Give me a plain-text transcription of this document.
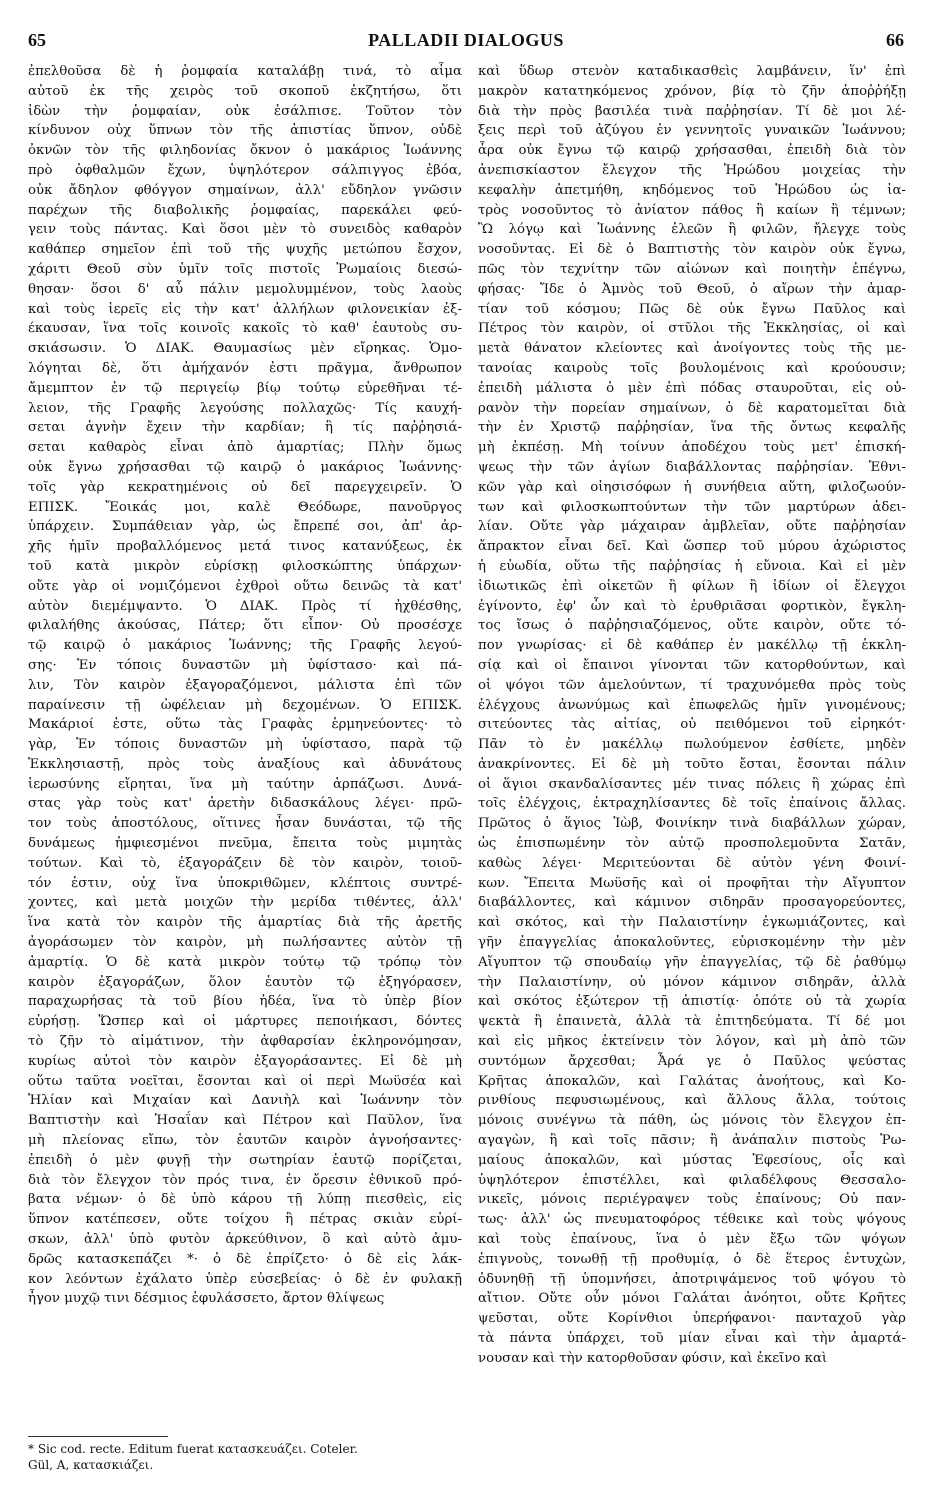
PALLADII DIALOGUS
65	66
ἐπελθοῦσα δὲ ἡ ῥομφαία καταλάβῃ τινά, τὸ αἷμα
αὐτοῦ ἐκ τῆς χειρὸς τοῦ σκοποῦ ἐκζητήσω, ὅτι
ἰδὼν τὴν ῥομφαίαν, οὐκ ἐσάλπισε. Τοῦτον τὸν
κίνδυνον οὐχ ὕπνων τὸν τῆς ἀπιστίας ὕπνον, οὐδὲ
ὀκνῶν τὸν τῆς φιληδονίας ὄκνον ὁ μακάριος Ἰωάννης
πρὸ ὀφθαλμῶν ἔχων, ὑψηλότερον σάλπιγγος ἐβόα,
οὐκ ἄδηλον φθόγγον σημαίνων, ἀλλ' εὔδηλον γνῶσιν
παρέχων τῆς διαβολικῆς ῥομφαίας, παρεκάλει φεύ-
γειν τοὺς πάντας. Καὶ ὅσοι μὲν τὸ συνειδὸς καθαρὸν
καθάπερ σημεῖον ἐπὶ τοῦ τῆς ψυχῆς μετώπου ἔσχον,
χάριτι Θεοῦ σὺν ὑμῖν τοῖς πιστοῖς Ῥωμαίοις διεσώ-
θησαν· ὅσοι δ' αὖ πάλιν μεμολυμμένον, τοὺς λαοὺς
καὶ τοὺς ἱερεῖς εἰς τὴν κατ' ἀλλήλων φιλονεικίαν ἐξ-
έκαυσαν, ἵνα τοῖς κοινοῖς κακοῖς τὸ καθ' ἑαυτοὺς συ-
σκιάσωσιν. Ὁ ΔΙΑΚ. Θαυμασίως μὲν εἴρηκας. Ὁμο-
λόγηται δὲ, ὅτι ἀμήχανόν ἐστι πρᾶγμα, ἄνθρωπον
ἄμεμπτον ἐν τῷ περιγείῳ βίῳ τούτῳ εὑρεθῆναι τέ-
λειον, τῆς Γραφῆς λεγούσης πολλαχῶς· Τίς καυχή-
σεται ἁγνὴν ἔχειν τὴν καρδίαν; ἢ τίς παῤῥησιά-
σεται καθαρὸς εἶναι ἀπὸ ἁμαρτίας; Πλὴν ὅμως
οὐκ ἔγνω χρήσασθαι τῷ καιρῷ ὁ μακάριος Ἰωάννης·
τοῖς γὰρ κεκρατημένοις οὐ δεῖ παρεγχειρεῖν. Ὁ
ΕΠΙΣΚ. Ἔοικάς μοι, καλὲ Θεόδωρε, πανοῦργος
ὑπάρχειν. Συμπάθειαν γὰρ, ὡς ἔπρεπέ σοι, ἀπ' ἀρ-
χῆς ἡμῖν προβαλλόμενος μετά τινος κατανύξεως, ἐκ
τοῦ κατὰ μικρὸν εὑρίσκῃ φιλοσκώπτης ὑπάρχων·
οὔτε γὰρ οἱ νομιζόμενοι ἐχθροὶ οὕτω δεινῶς τὰ κατ'
αὐτὸν διεμέμψαντο. Ὁ ΔΙΑΚ. Πρὸς τί ἠχθέσθης,
φιλαλήθης ἀκούσας, Πάτερ; ὅτι εἶπον· Οὐ προσέσχε
τῷ καιρῷ ὁ μακάριος Ἰωάννης; τῆς Γραφῆς λεγού-
σης· Ἐν τόποις δυναστῶν μὴ ὑφίστασο· καὶ πά-
λιν, Τὸν καιρὸν ἐξαγοραζόμενοι, μάλιστα ἐπὶ τῶν
παραίνεσιν τῇ ὠφέλειαν μὴ δεχομένων. Ὁ ΕΠΙΣΚ.
Μακάριοί ἐστε, οὕτω τὰς Γραφὰς ἑρμηνεύοντες· τὸ
γὰρ, Ἐν τόποις δυναστῶν μὴ ὑφίστασο, παρὰ τῷ
Ἐκκλησιαστῇ, πρὸς τοὺς ἀναξίους καὶ ἀδυνάτους
ἱερωσύνης εἴρηται, ἵνα μὴ ταύτην ἁρπάζωσι. Δυνά-
στας γὰρ τοὺς κατ' ἀρετὴν διδασκάλους λέγει· πρῶ-
τον τοὺς ἀποστόλους, οἵτινες ἦσαν δυνάσται, τῷ τῆς
δυνάμεως ἠμφιεσμένοι πνεῦμα, ἔπειτα τοὺς μιμητὰς
τούτων. Καὶ τὸ, ἐξαγοράζειν δὲ τὸν καιρὸν, τοιοῦ-
τόν ἐστιν, οὐχ ἵνα ὑποκριθῶμεν, κλέπτοις συντρέ-
χοντες, καὶ μετὰ μοιχῶν τὴν μερίδα τιθέντες, ἀλλ'
ἵνα κατὰ τὸν καιρὸν τῆς ἁμαρτίας διὰ τῆς ἀρετῆς
ἀγοράσωμεν τὸν καιρὸν, μὴ πωλήσαντες αὐτὸν τῇ
ἁμαρτίᾳ. Ὁ δὲ κατὰ μικρὸν τούτῳ τῷ τρόπῳ τὸν
καιρὸν ἐξαγοράζων, ὅλον ἑαυτὸν τῷ ἐξηγόρασεν,
παραχωρήσας τὰ τοῦ βίου ἡδέα, ἵνα τὸ ὑπὲρ βίον
εὑρήσῃ. Ὥσπερ καὶ οἱ μάρτυρες πεποιήκασι, δόντες
τὸ ζῆν τὸ αἱμάτινον, τὴν ἀφθαρσίαν ἐκληρονόμησαν,
κυρίως αὐτοὶ τὸν καιρὸν ἐξαγοράσαντες. Εἰ δὲ μὴ
οὕτω ταῦτα νοεῖται, ἔσονται καὶ οἱ περὶ Μωϋσέα καὶ
Ἠλίαν καὶ Μιχαίαν καὶ Δανιὴλ καὶ Ἰωάννην τὸν
Βαπτιστὴν καὶ Ἡσαΐαν καὶ Πέτρον καὶ Παῦλον, ἵνα
μὴ πλείονας εἴπω, τὸν ἑαυτῶν καιρὸν ἀγνοήσαντες·
ἐπειδὴ ὁ μὲν φυγῇ τὴν σωτηρίαν ἑαυτῷ πορίζεται,
διὰ τὸν ἔλεγχον τὸν πρός τινα, ἐν ὄρεσιν ἐθνικοῦ πρό-
βατα νέμων· ὁ δὲ ὑπὸ κάρου τῇ λύπῃ πιεσθεὶς, εἰς
ὕπνον κατέπεσεν, οὔτε τοίχου ἢ πέτρας σκιὰν εὑρί-
σκων, ἀλλ' ὑπὸ φυτὸν ἀρκεύθινον, ὃ καὶ αὐτὸ ἀμυ-
δρῶς κατασκεπάζει *· ὁ δὲ ἐπρίζετο· ὁ δὲ εἰς λάκ-
κον λεόντων ἐχάλατο ὑπὲρ εὐσεβείας· ὁ δὲ ἐν φυλακῇ
ἦγον μυχῷ τινι δέσμιος ἐφυλάσσετο, ἄρτον θλίψεως
καὶ ὕδωρ στενὸν καταδικασθεὶς λαμβάνειν, ἵν' ἐπὶ
μακρὸν κατατηκόμενος χρόνον, βίᾳ τὸ ζῆν ἀποῤῥήξῃ
διὰ τὴν πρὸς βασιλέα τινὰ παῤῥησίαν. Τί δὲ μοι λέ-
ξεις περὶ τοῦ ἀζύγου ἐν γεννητοῖς γυναικῶν Ἰωάννου;
ἆρα οὐκ ἔγνω τῷ καιρῷ χρήσασθαι, ἐπειδὴ διὰ τὸν
ἀνεπισκίαστον ἔλεγχον τῆς Ἡρώδου μοιχείας τὴν
κεφαλὴν ἀπετμήθη, κηδόμενος τοῦ Ἡρώδου ὡς ἰα-
τρὸς νοσοῦντος τὸ ἀνίατον πάθος ἢ καίων ἢ τέμνων;
Ὢ λόγῳ καὶ Ἰωάννης ἐλεῶν ἢ φιλῶν, ἤλεγχε τοὺς
νοσοῦντας. Εἰ δὲ ὁ Βαπτιστὴς τὸν καιρὸν οὐκ ἔγνω,
πῶς τὸν τεχνίτην τῶν αἰώνων καὶ ποιητὴν ἐπέγνω,
φήσας· Ἴδε ὁ Ἀμνὸς τοῦ Θεοῦ, ὁ αἴρων τὴν ἁμαρ-
τίαν τοῦ κόσμου; Πῶς δὲ οὐκ ἔγνω Παῦλος καὶ
Πέτρος τὸν καιρὸν, οἱ στῦλοι τῆς Ἐκκλησίας, οἱ καὶ
μετὰ θάνατον κλείοντες καὶ ἀνοίγοντες τοὺς τῆς με-
τανοίας καιροὺς τοῖς βουλομένοις καὶ κρούουσιν;
ἐπειδὴ μάλιστα ὁ μὲν ἐπὶ πόδας σταυροῦται, εἰς οὐ-
ρανὸν τὴν πορείαν σημαίνων, ὁ δὲ καρατομεῖται διὰ
τὴν ἐν Χριστῷ παῤῥησίαν, ἵνα τῆς ὄντως κεφαλῆς
μὴ ἐκπέσῃ. Μὴ τοίνυν ἀποδέχου τοὺς μετ' ἐπισκή-
ψεως τὴν τῶν ἁγίων διαβάλλοντας παῤῥησίαν. Ἐθνι-
κῶν γὰρ καὶ οἰησισόφων ἡ συνήθεια αὕτη, φιλοζωούν-
των καὶ φιλοσκωπτούντων τὴν τῶν μαρτύρων ἀδει-
λίαν. Οὔτε γὰρ μάχαιραν ἀμβλεῖαν, οὔτε παῤῥησίαν
ἄπρακτον εἶναι δεῖ. Καὶ ὥσπερ τοῦ μύρου ἀχώριστος
ἡ εὐωδία, οὕτω τῆς παῤῥησίας ἡ εὔνοια. Καὶ εἰ μὲν
ἰδιωτικῶς ἐπὶ οἰκετῶν ἢ φίλων ἢ ἰδίων οἱ ἔλεγχοι
ἐγίνοντο, ἐφ' ὧν καὶ τὸ ἐρυθριᾶσαι φορτικὸν, ἔγκλη-
τος ἴσως ὁ παῤῥησιαζόμενος, οὔτε καιρὸν, οὔτε τό-
πον γνωρίσας· εἰ δὲ καθάπερ ἐν μακέλλῳ τῇ ἐκκλη-
σίᾳ καὶ οἱ ἔπαινοι γίνονται τῶν κατορθούντων, καὶ
οἱ ψόγοι τῶν ἀμελούντων, τί τραχυνόμεθα πρὸς τοὺς
ἐλέγχους ἀνωνύμως καὶ ἐπωφελῶς ἡμῖν γινομένους;
σιτεύοντες τὰς αἰτίας, οὐ πειθόμενοι τοῦ εἰρηκότ·
Πᾶν τὸ ἐν μακέλλῳ πωλούμενον ἐσθίετε, μηδὲν
ἀνακρίνοντες. Εἰ δὲ μὴ τοῦτο ἔσται, ἔσονται πάλιν
οἱ ἅγιοι σκανδαλίσαντες μέν τινας πόλεις ἢ χώρας ἐπὶ
τοῖς ἐλέγχοις, ἐκτραχηλίσαντες δὲ τοῖς ἐπαίνοις ἄλλας.
Πρῶτος ὁ ἅγιος Ἰὼβ, Φοινίκην τινὰ διαβάλλων χώραν,
ὡς ἐπισπωμένην τὸν αὐτῷ προσπολεμοῦντα Σατᾶν,
καθὼς λέγει· Μεριτεύονται δὲ αὐτὸν γένη Φοινί-
κων. Ἔπειτα Μωϋσῆς καὶ οἱ προφῆται τὴν Αἴγυπτον
διαβάλλοντες, καὶ κάμινον σιδηρᾶν προσαγορεύοντες,
καὶ σκότος, καὶ τὴν Παλαιστίνην ἐγκωμιάζοντες, καὶ
γῆν ἐπαγγελίας ἀποκαλοῦντες, εὑρισκομένην τὴν μὲν
Αἴγυπτον τῷ σπουδαίῳ γῆν ἐπαγγελίας, τῷ δὲ ῥαθύμῳ
τὴν Παλαιστίνην, οὐ μόνον κάμινον σιδηρᾶν, ἀλλὰ
καὶ σκότος ἐξώτερον τῇ ἀπιστίᾳ· ὁπότε οὐ τὰ χωρία
ψεκτὰ ἢ ἐπαινετὰ, ἀλλὰ τὰ ἐπιτηδεύματα. Τί δέ μοι
καὶ εἰς μῆκος ἐκτείνειν τὸν λόγον, καὶ μὴ ἀπὸ τῶν
συντόμων ἄρχεσθαι; Ἆρά γε ὁ Παῦλος ψεύστας
Κρῆτας ἀποκαλῶν, καὶ Γαλάτας ἀνοήτους, καὶ Κο-
ρινθίους πεφυσιωμένους, καὶ ἄλλους ἄλλα, τούτοις
μόνοις συνέγνω τὰ πάθη, ὡς μόνοις τὸν ἔλεγχον ἐπ-
αγαγὼν, ἢ καὶ τοῖς πᾶσιν; ἢ ἀνάπαλιν πιστοὺς Ῥω-
μαίους ἀποκαλῶν, καὶ μύστας Ἐφεσίους, οἷς καὶ
ὑψηλότερον ἐπιστέλλει, καὶ φιλαδέλφους Θεσσαλο-
νικεῖς, μόνοις περιέγραψεν τοὺς ἐπαίνους; Οὐ παν-
τως· ἀλλ' ὡς πνευματοφόρος τέθεικε καὶ τοὺς ψόγους
καὶ τοὺς ἐπαίνους, ἵνα ὁ μὲν ἔξω τῶν ψόγων
ἐπιγνοὺς, τονωθῇ τῇ προθυμίᾳ, ὁ δὲ ἕτερος ἐντυχὼν,
ὀδυνηθῇ τῇ ὑπομνήσει, ἀποτριψάμενος τοῦ ψόγου τὸ
αἴτιον. Οὔτε οὖν μόνοι Γαλάται ἀνόητοι, οὔτε Κρῆτες
ψεῦσται, οὔτε Κορίνθιοι ὑπερήφανοι· πανταχοῦ γὰρ
τὰ πάντα ὑπάρχει, τοῦ μίαν εἶναι καὶ τὴν ἁμαρτά-
νουσαν καὶ τὴν κατορθοῦσαν φύσιν, καὶ ἐκεῖνο καὶ
* Sic cod. recte. Editum fuerat κατασκευάζει. Coteler.
Gül, A, κατασκιάζει.
